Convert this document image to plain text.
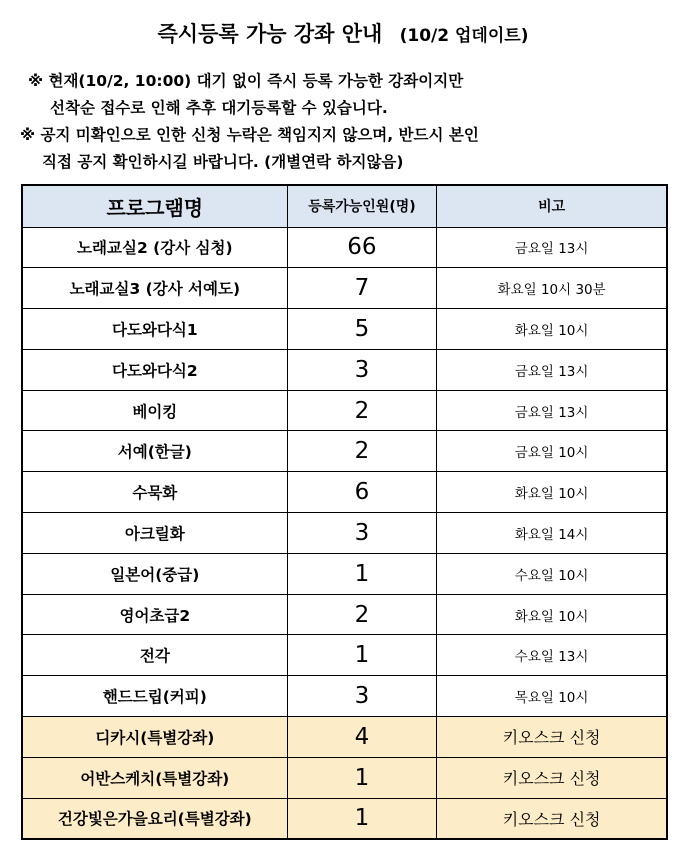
즉시등록 가능 강좌 안내 (10/2 업데이트)
※ 현재(10/2, 10:00) 대기 없이 즉시 등록 가능한 강좌이지만
선착순 접수로 인해 추후 대기등록할 수 있습니다.
※ 공지 미확인으로 인한 신청 누락은 책임지지 않으며, 반드시 본인
직접 공지 확인하시길 바랍니다. (개별연락 하지않음)
프로그램명	등록가능인원(명)	비고
노래교실2 (강사 심청)	66	금요일 13시
노래교실3 (강사 서예도)	7	화요일 10시 30분
다도와다식1	5	화요일 10시
다도와다식2	3	금요일 13시
베이킹	2	금요일 13시
서예(한글)	2	금요일 10시
수묵화	6	화요일 10시
아크릴화	3	화요일 14시
일본어(중급)	1	수요일 10시
영어초급2	2	화요일 10시
전각	1	수요일 13시
핸드드립(커피)	3	목요일 10시
디카시(특별강좌)	4	키오스크 신청
어반스케치(특별강좌)	1	키오스크 신청
건강빛은가을요리(특별강좌)	1	키오스크 신청
